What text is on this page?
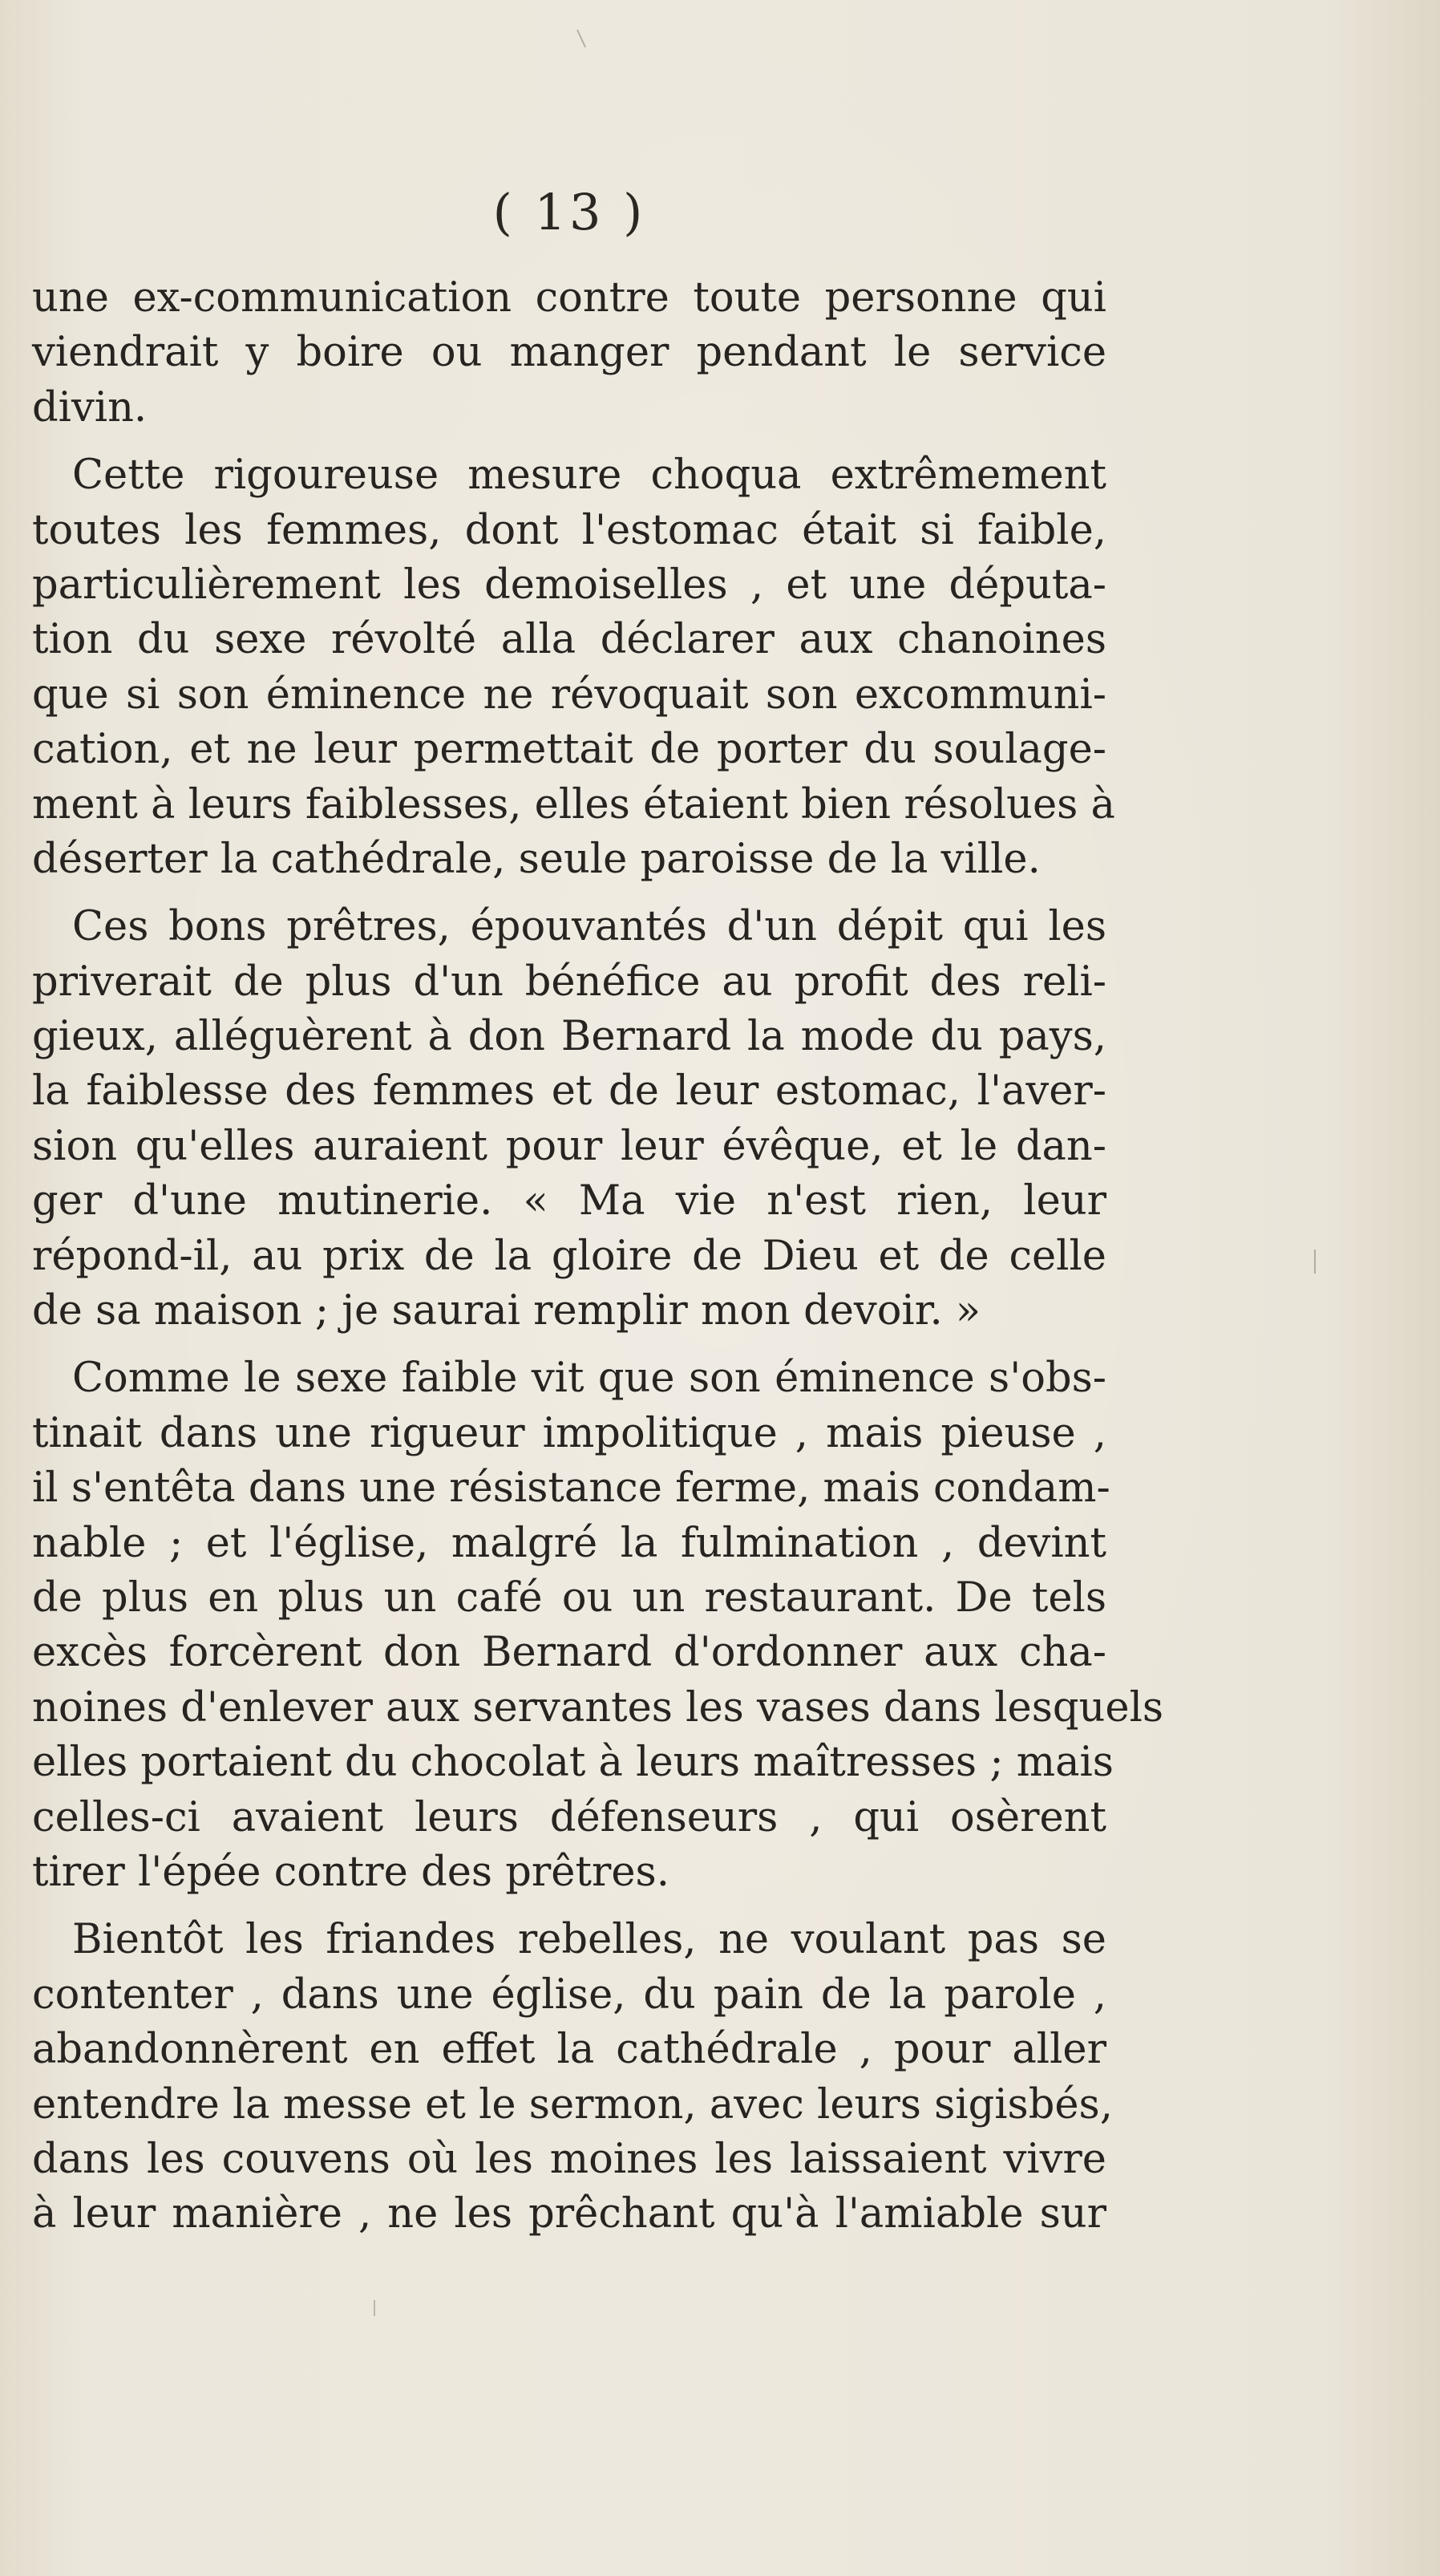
( 13 )
une ex-communication contre toute personne qui
viendrait y boire ou manger pendant le service
divin.
Cette rigoureuse mesure choqua extrêmement
toutes les femmes, dont l'estomac était si faible,
particulièrement les demoiselles , et une députa-
tion du sexe révolté alla déclarer aux chanoines
que si son éminence ne révoquait son excommuni-
cation, et ne leur permettait de porter du soulage-
ment à leurs faiblesses, elles étaient bien résolues à
déserter la cathédrale, seule paroisse de la ville.
Ces bons prêtres, épouvantés d'un dépit qui les
priverait de plus d'un bénéfice au profit des reli-
gieux, alléguèrent à don Bernard la mode du pays,
la faiblesse des femmes et de leur estomac, l'aver-
sion qu'elles auraient pour leur évêque, et le dan-
ger d'une mutinerie. « Ma vie n'est rien, leur
répond-il, au prix de la gloire de Dieu et de celle
de sa maison ; je saurai remplir mon devoir. »
Comme le sexe faible vit que son éminence s'obs-
tinait dans une rigueur impolitique , mais pieuse ,
il s'entêta dans une résistance ferme, mais condam-
nable ; et l'église, malgré la fulmination , devint
de plus en plus un café ou un restaurant. De tels
excès forcèrent don Bernard d'ordonner aux cha-
noines d'enlever aux servantes les vases dans lesquels
elles portaient du chocolat à leurs maîtresses ; mais
celles-ci avaient leurs défenseurs , qui osèrent
tirer l'épée contre des prêtres.
Bientôt les friandes rebelles, ne voulant pas se
contenter , dans une église, du pain de la parole ,
abandonnèrent en effet la cathédrale , pour aller
entendre la messe et le sermon, avec leurs sigisbés,
dans les couvens où les moines les laissaient vivre
à leur manière , ne les prêchant qu'à l'amiable sur
